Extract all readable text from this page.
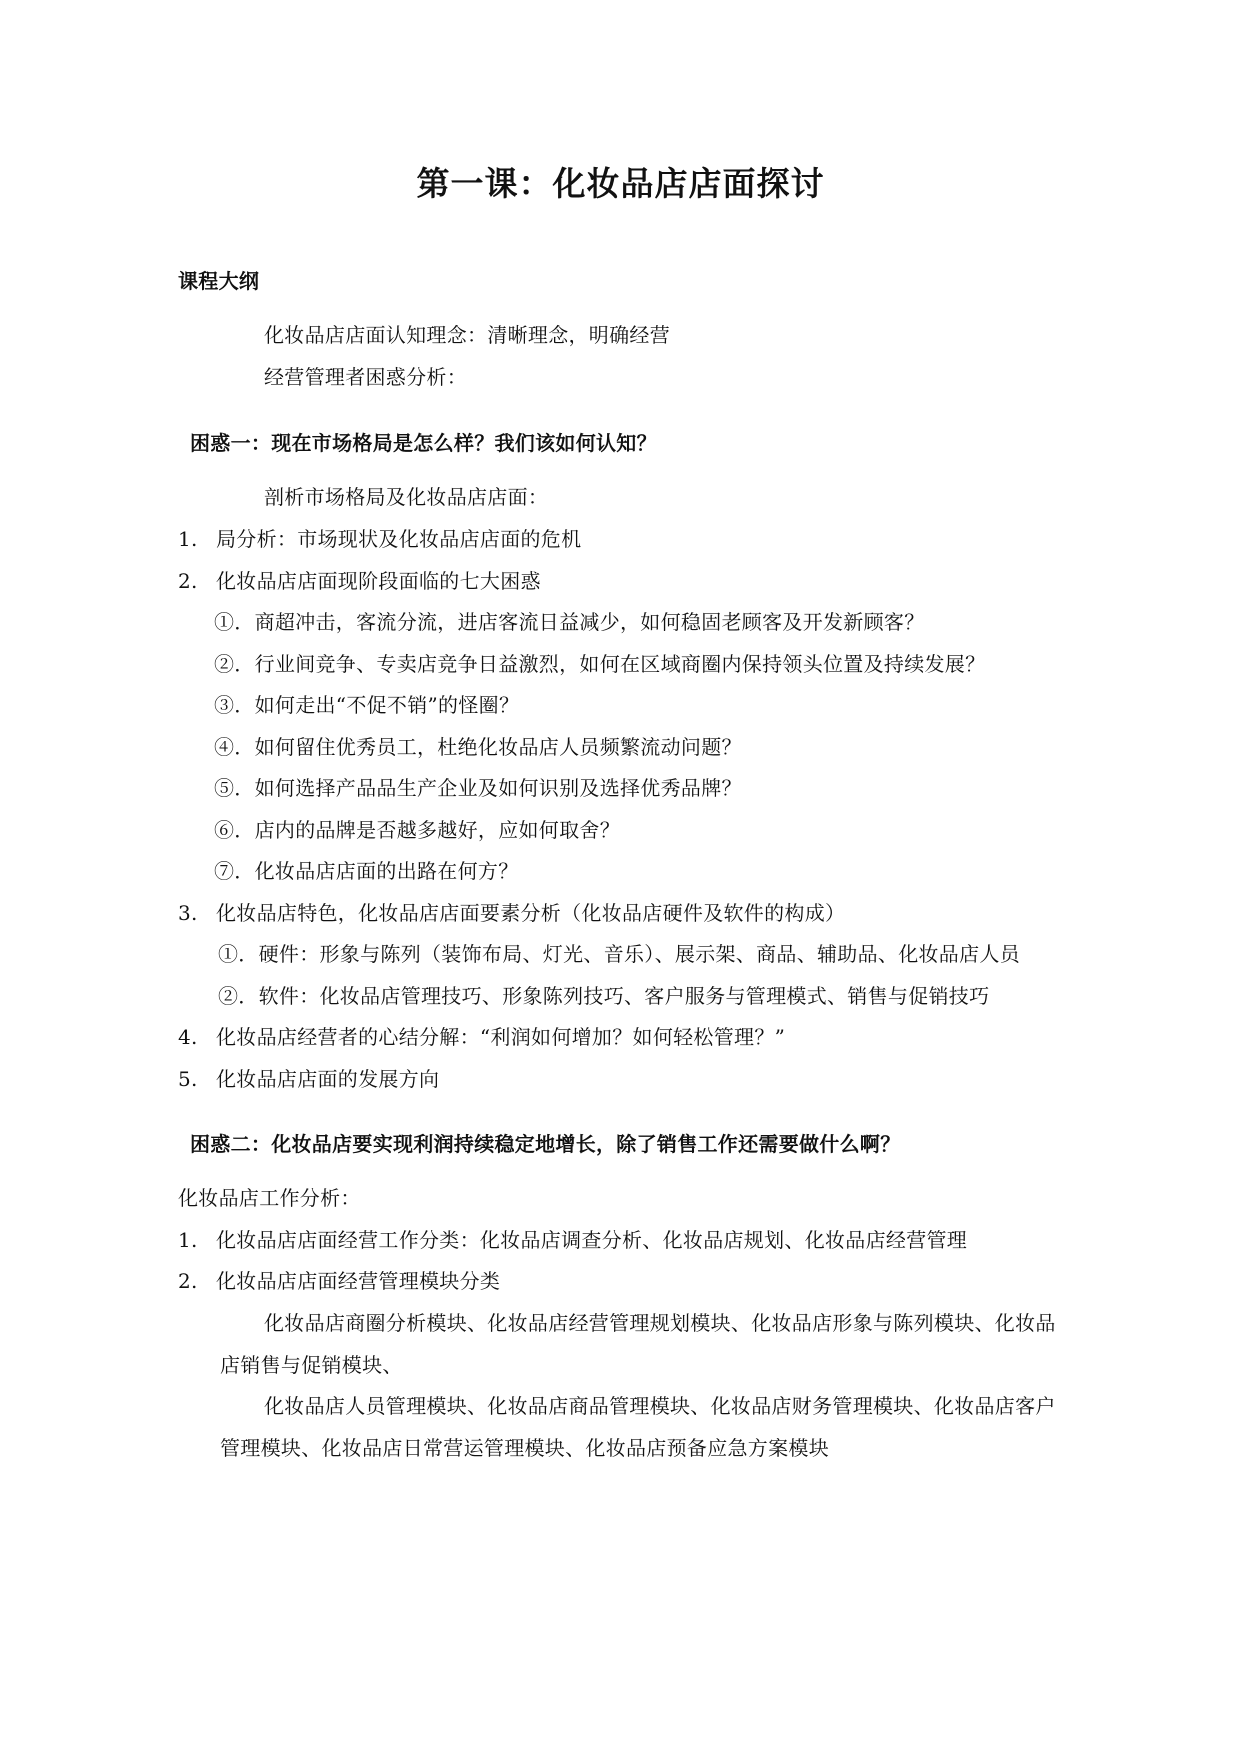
第一课：化妆品店店面探讨
课程大纲
化妆品店店面认知理念：清晰理念，明确经营
经营管理者困惑分析：
困惑一：现在市场格局是怎么样？我们该如何认知？
剖析市场格局及化妆品店店面：
1. 局分析：市场现状及化妆品店店面的危机
2. 化妆品店店面现阶段面临的七大困惑
①．商超冲击，客流分流，进店客流日益减少，如何稳固老顾客及开发新顾客？
②．行业间竞争、专卖店竞争日益激烈，如何在区域商圈内保持领头位置及持续发展？
③．如何走出“不促不销”的怪圈？
④．如何留住优秀员工，杜绝化妆品店人员频繁流动问题？
⑤．如何选择产品品生产企业及如何识别及选择优秀品牌？
⑥．店内的品牌是否越多越好，应如何取舍？
⑦．化妆品店店面的出路在何方？
3. 化妆品店特色，化妆品店店面要素分析（化妆品店硬件及软件的构成）
①．硬件：形象与陈列（装饰布局、灯光、音乐）、展示架、商品、辅助品、化妆品店人员
②．软件：化妆品店管理技巧、形象陈列技巧、客户服务与管理模式、销售与促销技巧
4. 化妆品店经营者的心结分解：“利润如何增加？如何轻松管理？”
5. 化妆品店店面的发展方向
困惑二：化妆品店要实现利润持续稳定地增长，除了销售工作还需要做什么啊？
化妆品店工作分析：
1. 化妆品店店面经营工作分类：化妆品店调查分析、化妆品店规划、化妆品店经营管理
2. 化妆品店店面经营管理模块分类
化妆品店商圈分析模块、化妆品店经营管理规划模块、化妆品店形象与陈列模块、化妆品
店销售与促销模块、
化妆品店人员管理模块、化妆品店商品管理模块、化妆品店财务管理模块、化妆品店客户
管理模块、化妆品店日常营运管理模块、化妆品店预备应急方案模块
